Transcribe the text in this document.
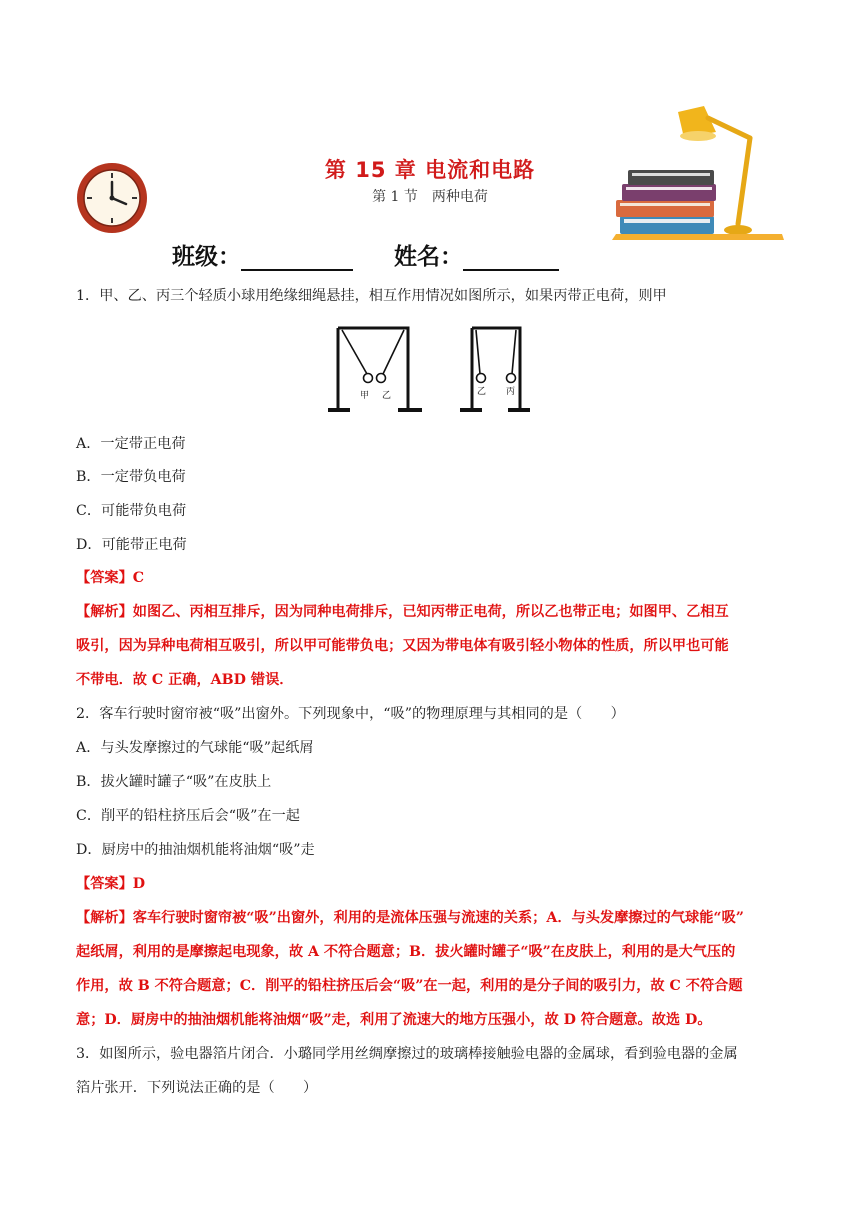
第 15 章 电流和电路
第 1 节　两种电荷
班级：	姓名：
1．甲、乙、丙三个轻质小球用绝缘细绳悬挂，相互作用情况如图所示，如果丙带正电荷，则甲
甲 乙	乙 丙
A．一定带正电荷
B．一定带负电荷
C．可能带负电荷
D．可能带正电荷
【答案】C
【解析】如图乙、丙相互排斥，因为同种电荷排斥，已知丙带正电荷，所以乙也带正电；如图甲、乙相互
吸引，因为异种电荷相互吸引，所以甲可能带负电；又因为带电体有吸引轻小物体的性质，所以甲也可能
不带电．故 C 正确，ABD 错误．
2．客车行驶时窗帘被“吸”出窗外。下列现象中，“吸”的物理原理与其相同的是（　　）
A．与头发摩擦过的气球能“吸”起纸屑
B．拔火罐时罐子“吸”在皮肤上
C．削平的铅柱挤压后会“吸”在一起
D．厨房中的抽油烟机能将油烟“吸”走
【答案】D
【解析】客车行驶时窗帘被“吸”出窗外，利用的是流体压强与流速的关系；A．与头发摩擦过的气球能“吸”
起纸屑，利用的是摩擦起电现象，故 A 不符合题意；B．拔火罐时罐子“吸”在皮肤上，利用的是大气压的
作用，故 B 不符合题意；C．削平的铅柱挤压后会“吸”在一起，利用的是分子间的吸引力，故 C 不符合题
意；D．厨房中的抽油烟机能将油烟“吸”走，利用了流速大的地方压强小，故 D 符合题意。故选 D。
3．如图所示，验电器箔片闭合．小璐同学用丝绸摩擦过的玻璃棒接触验电器的金属球，看到验电器的金属
箔片张开．下列说法正确的是（　　）
